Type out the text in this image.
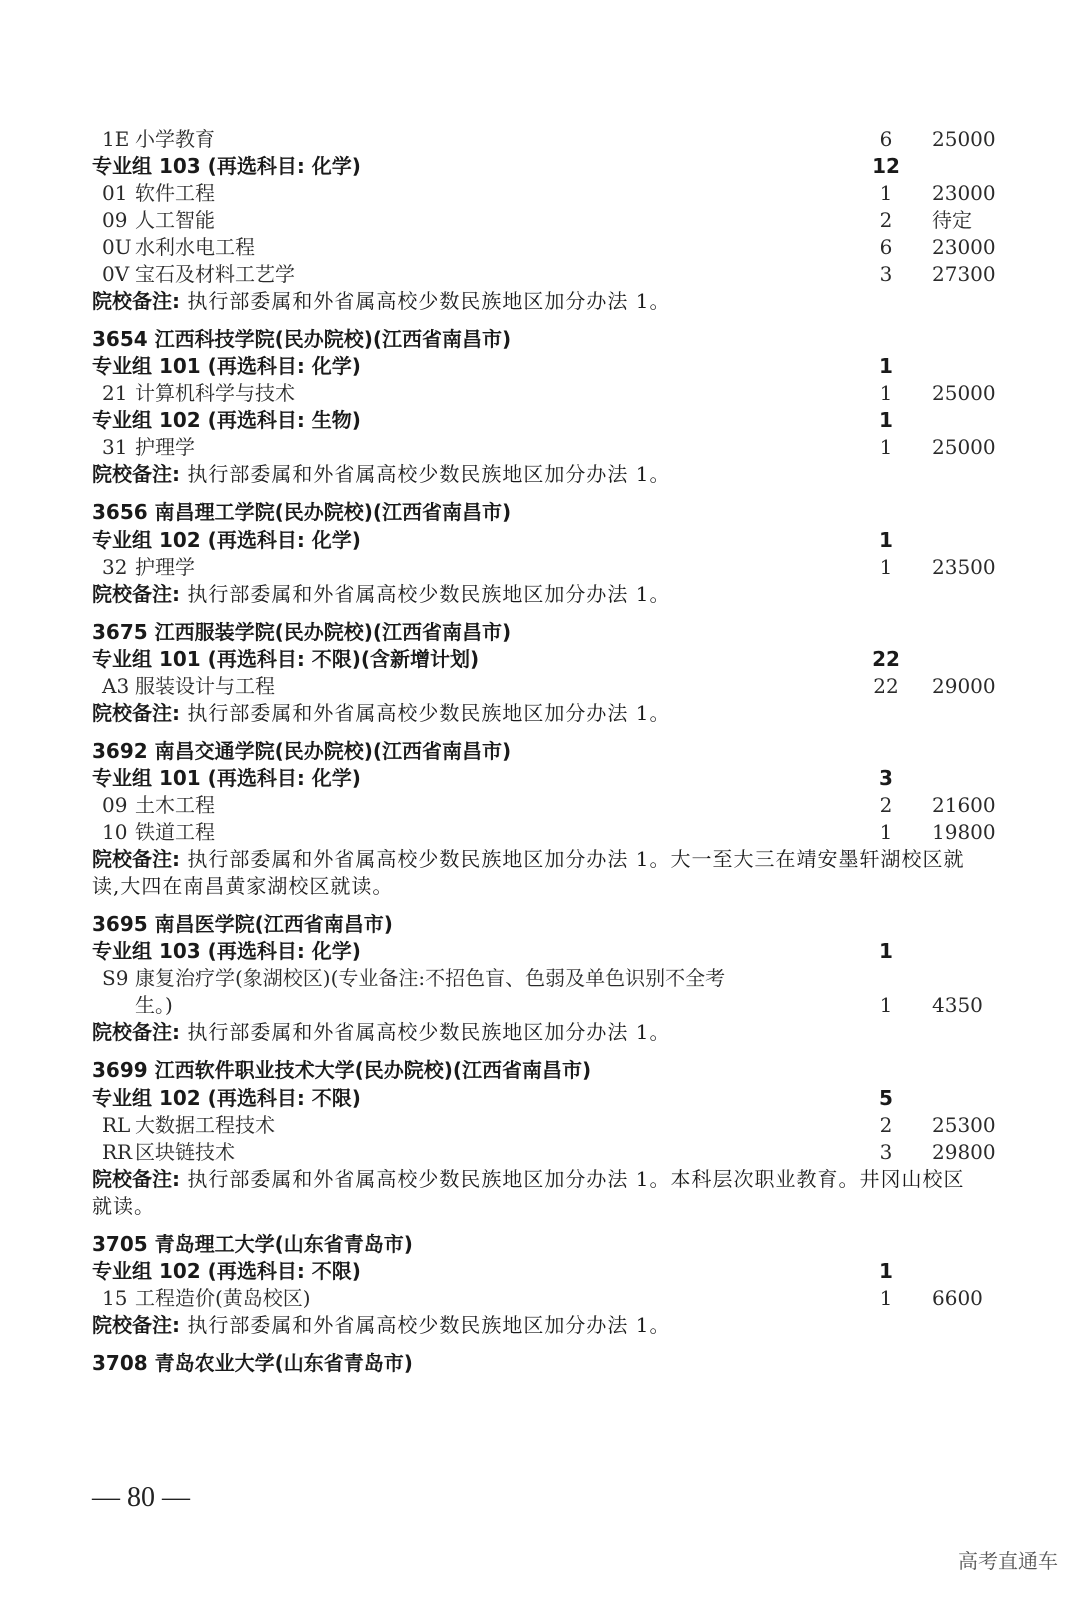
1E 小学教育	6	25000
专业组 103 (再选科目: 化学)	12
01 软件工程	1	23000
09 人工智能	2	待定
0U 水利水电工程	6	23000
0V 宝石及材料工艺学	3	27300
院校备注: 执行部委属和外省属高校少数民族地区加分办法 1。
3654 江西科技学院(民办院校)(江西省南昌市)
专业组 101 (再选科目: 化学)	1
21 计算机科学与技术	1	25000
专业组 102 (再选科目: 生物)	1
31 护理学	1	25000
院校备注: 执行部委属和外省属高校少数民族地区加分办法 1。
3656 南昌理工学院(民办院校)(江西省南昌市)
专业组 102 (再选科目: 化学)	1
32 护理学	1	23500
院校备注: 执行部委属和外省属高校少数民族地区加分办法 1。
3675 江西服装学院(民办院校)(江西省南昌市)
专业组 101 (再选科目: 不限)(含新增计划)	22
A3 服装设计与工程	22	29000
院校备注: 执行部委属和外省属高校少数民族地区加分办法 1。
3692 南昌交通学院(民办院校)(江西省南昌市)
专业组 101 (再选科目: 化学)	3
09 土木工程	2	21600
10 铁道工程	1	19800
院校备注: 执行部委属和外省属高校少数民族地区加分办法 1。大一至大三在靖安墨轩湖校区就
读,大四在南昌黄家湖校区就读。
3695 南昌医学院(江西省南昌市)
专业组 103 (再选科目: 化学)	1
S9 康复治疗学(象湖校区)(专业备注:不招色盲、色弱及单色识别不全考
生。)	1	4350
院校备注: 执行部委属和外省属高校少数民族地区加分办法 1。
3699 江西软件职业技术大学(民办院校)(江西省南昌市)
专业组 102 (再选科目: 不限)	5
RL 大数据工程技术	2	25300
RR 区块链技术	3	29800
院校备注: 执行部委属和外省属高校少数民族地区加分办法 1。本科层次职业教育。井冈山校区
就读。
3705 青岛理工大学(山东省青岛市)
专业组 102 (再选科目: 不限)	1
15 工程造价(黄岛校区)	1	6600
院校备注: 执行部委属和外省属高校少数民族地区加分办法 1。
3708 青岛农业大学(山东省青岛市)
— 80 —
高考直通车
